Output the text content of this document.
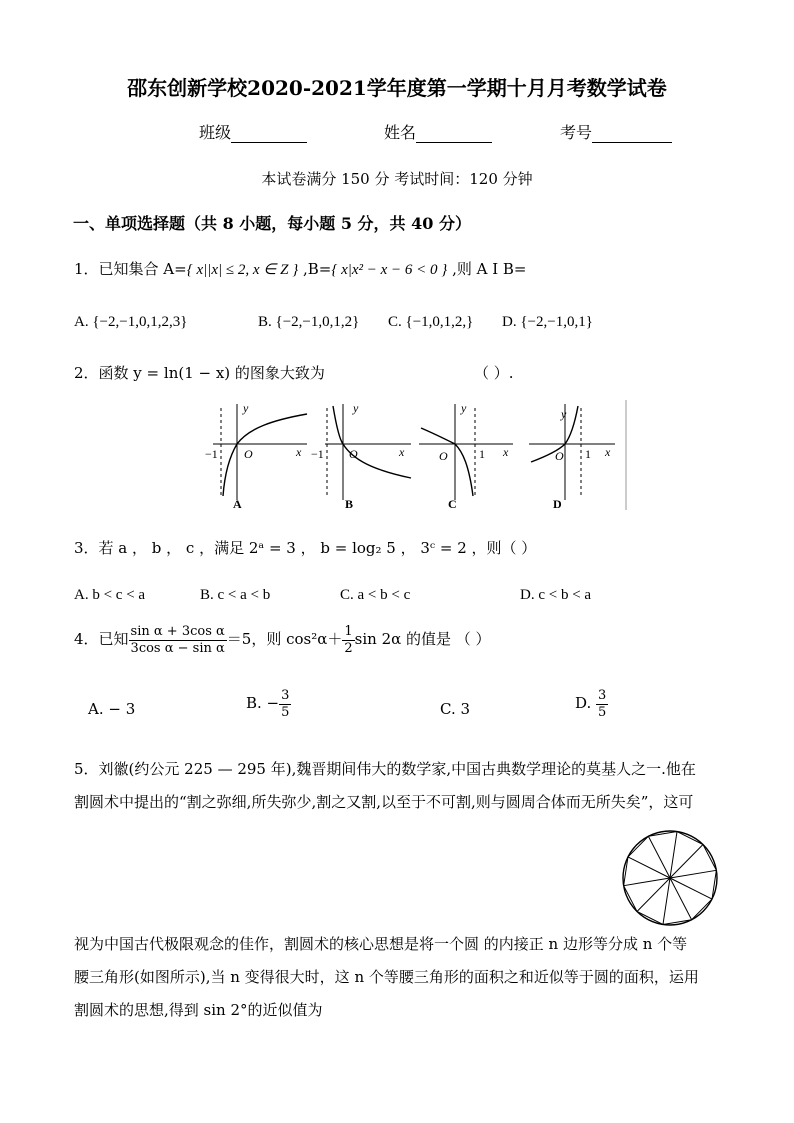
邵东创新学校2020-2021学年度第一学期十月月考数学试卷
班级	姓名	考号
本试卷满分 150 分 考试时间：120 分钟
一、单项选择题（共 8 小题，每小题 5 分，共 40 分）
1．已知集合 A={ x||x| ≤ 2, x ∈ Z } ,B={ x|x² − x − 6 < 0 } ,则 A I B=
A. {−2,−1,0,1,2,3}	B. {−2,−1,0,1,2} C. {−1,0,1,2,} D. {−2,−1,0,1}
2．函数 y = ln(1 − x) 的图象大致为	（ ）.
y
x
O
−1
A
y
x
O
−1
B
y
x
O	1
C
y
x
O 1
D
3．若 a ， b ， c ，满足 2ᵃ = 3 ， b = log₂ 5 ， 3ᶜ = 2 ，则（ ）
A. b < c < a	B. c < a < b	C. a < b < c	D. c < b < a
4．已知 $\frac{\text{sin α + 3cos α}}{\text{3cos α − sin α}} =5$，则 $\cos^2\alpha+ \frac{1}{2}$ sin 2α 的值是 （ ）
A. − 3	B. − $\frac{3}{5}$	C. 3	D. $\frac{3}{5}$
5．刘徽(约公元 225 — 295 年),魏晋期间伟大的数学家,中国古典数学理论的莫基人之一.他在
割圆术中提出的“割之弥细,所失弥少,割之又割,以至于不可割,则与圆周合体而无所失矣”，这可
视为中国古代极限观念的佳作，割圆术的核心思想是将一个圆 的内接正 n 边形等分成 n 个等
腰三角形(如图所示),当 n 变得很大时，这 n 个等腰三角形的面积之和近似等于圆的面积，运用
割圆术的思想,得到 sin 2°的近似值为
